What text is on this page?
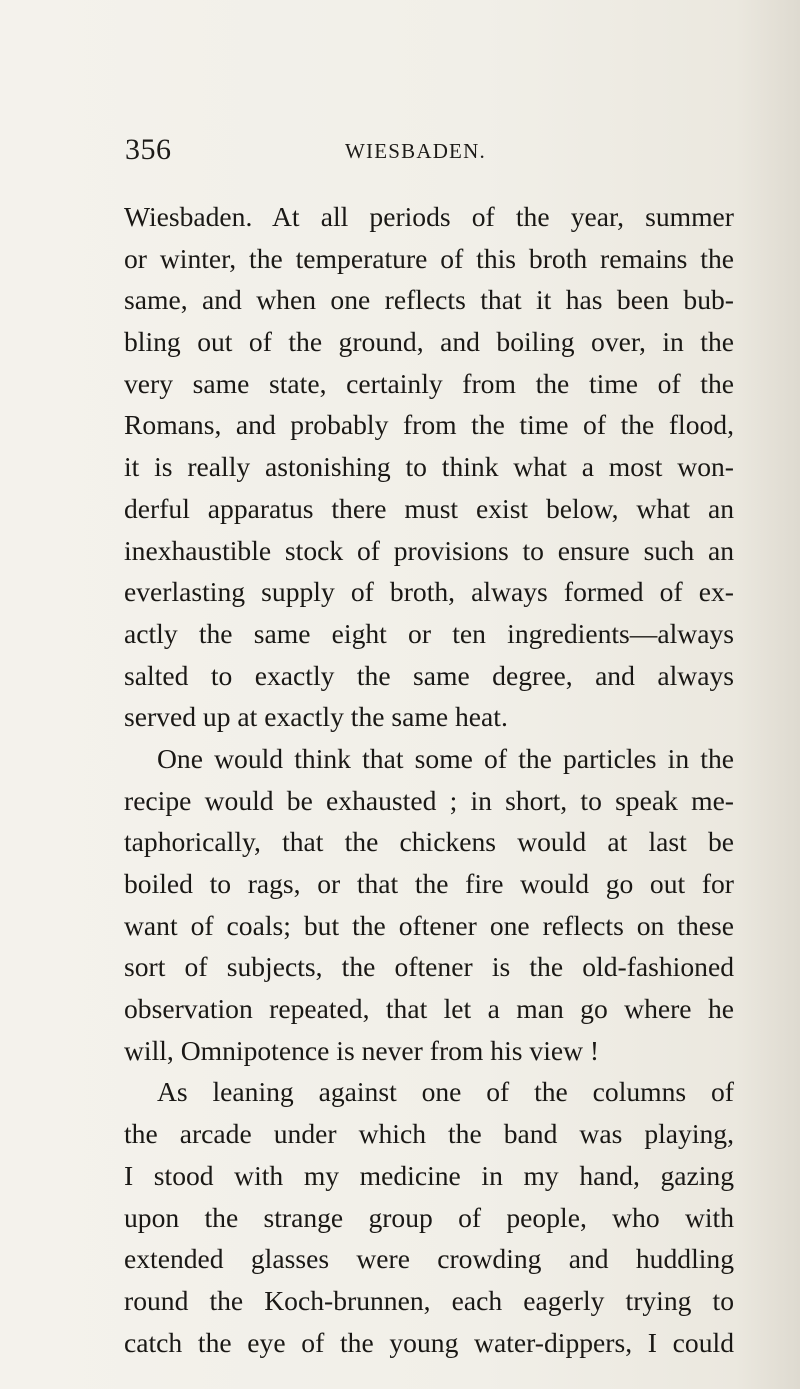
356	WIESBADEN.
Wiesbaden. At all periods of the year, summer
or winter, the temperature of this broth remains the
same, and when one reflects that it has been bub-
bling out of the ground, and boiling over, in the
very same state, certainly from the time of the
Romans, and probably from the time of the flood,
it is really astonishing to think what a most won-
derful apparatus there must exist below, what an
inexhaustible stock of provisions to ensure such an
everlasting supply of broth, always formed of ex-
actly the same eight or ten ingredients—always
salted to exactly the same degree, and always
served up at exactly the same heat.
One would think that some of the particles in the
recipe would be exhausted ; in short, to speak me-
taphorically, that the chickens would at last be
boiled to rags, or that the fire would go out for
want of coals; but the oftener one reflects on these
sort of subjects, the oftener is the old-fashioned
observation repeated, that let a man go where he
will, Omnipotence is never from his view !
As leaning against one of the columns of
the arcade under which the band was playing,
I stood with my medicine in my hand, gazing
upon the strange group of people, who with
extended glasses were crowding and huddling
round the Koch-brunnen, each eagerly trying to
catch the eye of the young water-dippers, I could
